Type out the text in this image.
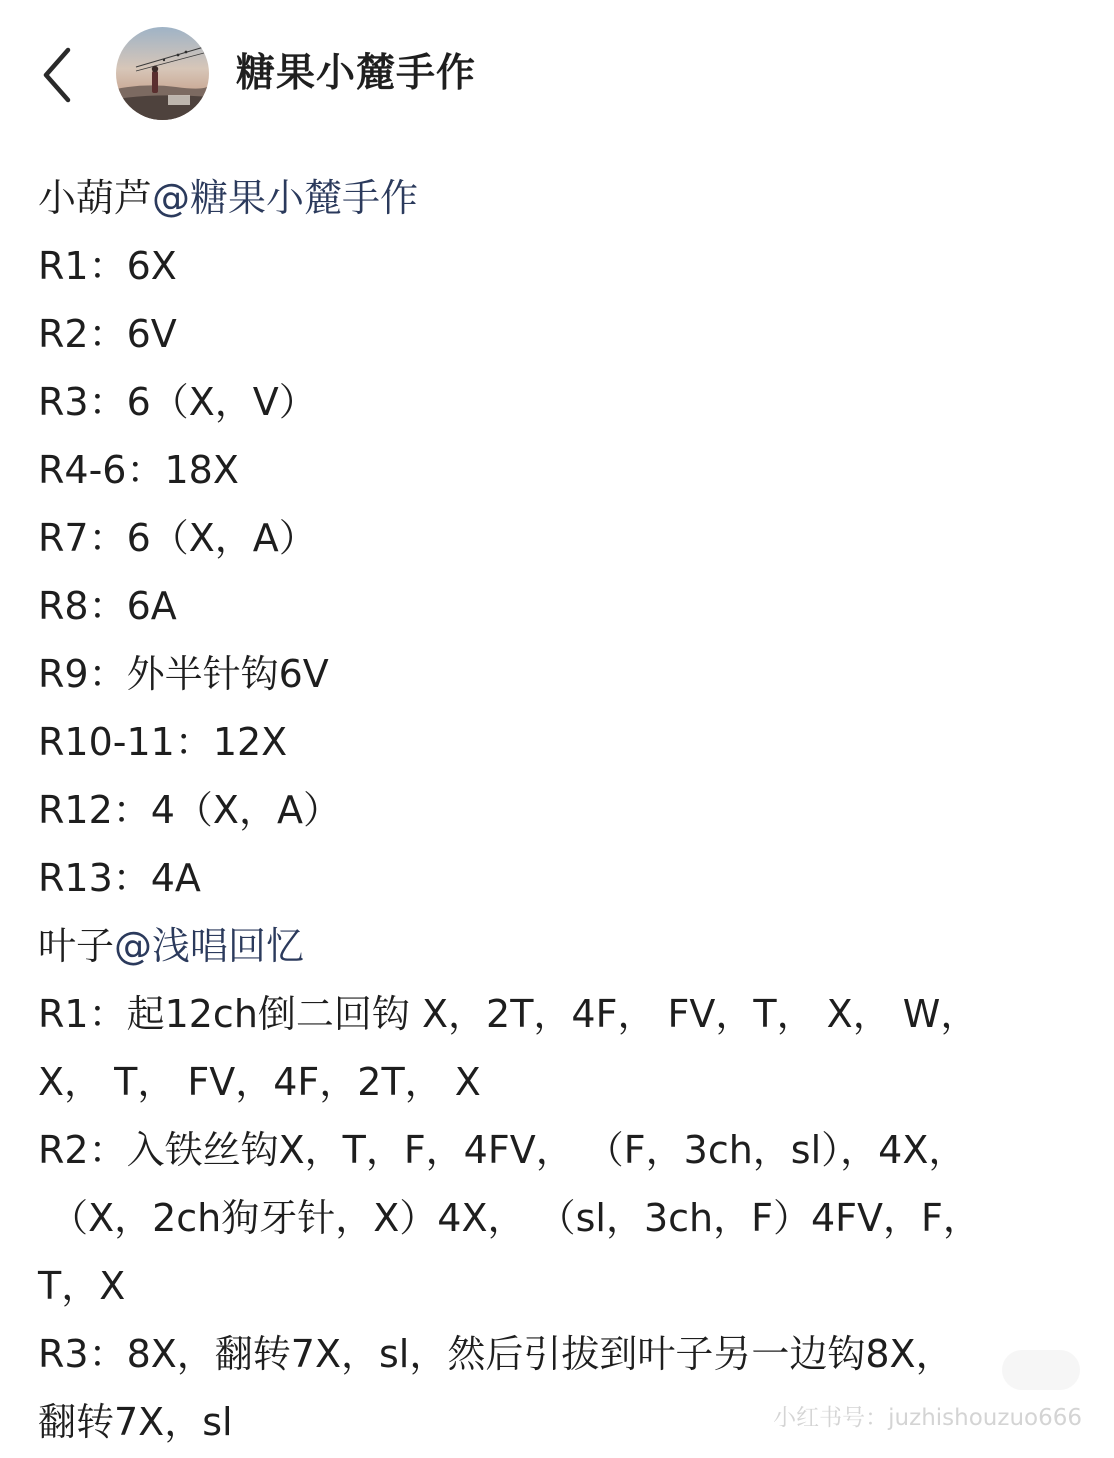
糖果小麓手作
小葫芦@糖果小麓手作
R1：6X
R2：6V
R3：6（X，V）
R4-6：18X
R7：6（X，A）
R8：6A
R9：外半针钩6V
R10-11：12X
R12：4（X，A）
R13：4A
叶子@浅唱回忆
R1：起12ch倒二回钩 X，2T，4F， FV，T， X， W，
X， T， FV，4F，2T， X
R2：入铁丝钩X，T，F，4FV， （F，3ch，sl），4X，
（X，2ch狗牙针，X）4X， （sl，3ch，F）4FV，F，
T，X
R3：8X，翻转7X，sl，然后引拔到叶子另一边钩8X，
翻转7X，sl	小红书号：juzhishouzuo666
